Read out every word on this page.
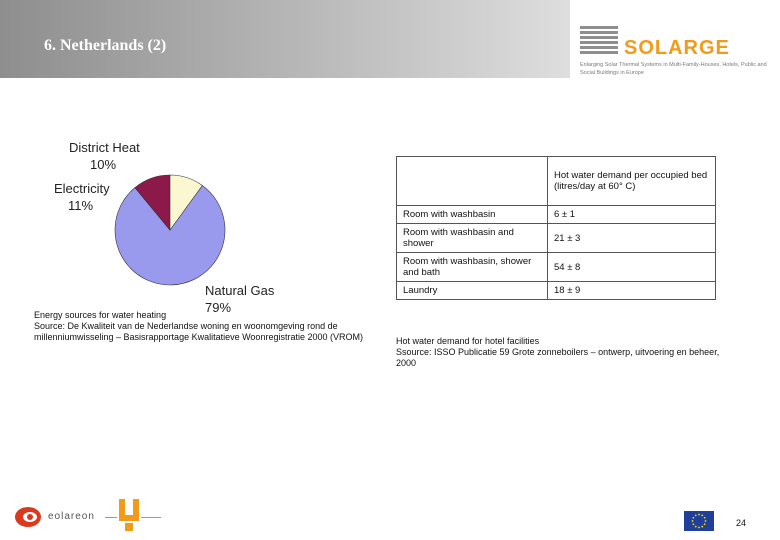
6. Netherlands (2)	SOLARGE
Enlarging Solar Thermal Systems in Multi-Family-Houses, Hotels, Public and Social Buildings in Europe
Natural Gas
79%
Electricity
11%
District Heat
10%
Energy sources for water heating
Source: De Kwaliteit van de Nederlandse woning en woonomgeving rond de millenniumwisseling – Basisrapportage Kwalitatieve Woonregistratie 2000 (VROM)
	Hot water demand per occupied bed (litres/day at 60° C)
Room with washbasin	6 ± 1
Room with washbasin and shower	21 ± 3
Room with washbasin, shower and bath	54 ± 8
Laundry	18 ± 9
Hot water demand for hotel facilities
Ssource: ISSO Publicatie 59 Grote zonneboilers – ontwerp, uitvoering en beheer, 2000
eolareon
24
